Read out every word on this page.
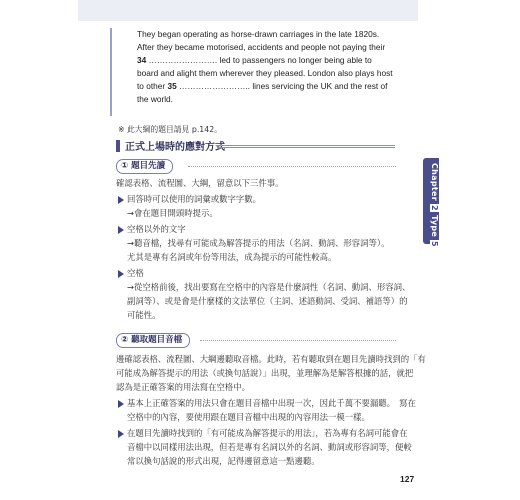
They began operating as horse-drawn carriages in the late 1820s.
After they became motorised, accidents and people not paying their
34 ……………………. led to passengers no longer being able to
board and alight them wherever they pleased. London also plays host
to other 35 …………………….. lines servicing the UK and the rest of
the world.
※ 此大綱的題目請見 p.142。
正式上場時的應對方式
① 題目先讀
確認表格、流程圖、大綱，留意以下三件事。
回答時可以使用的詞彙或數字字數。
→會在題目開頭時提示。
空格以外的文字
→聽音檔，找尋有可能成為解答提示的用法（名詞、動詞、形容詞等）。
尤其是專有名詞或年份等用法，成為提示的可能性較高。
空格
→從空格前後，找出要寫在空格中的內容是什麼詞性（名詞、動詞、形容詞、
副詞等）、或是會是什麼樣的文法單位（主詞、述語動詞、受詞、補語等）的
可能性。
② 聽取題目音檔
邊確認表格、流程圖、大綱邊聽取音檔。此時，若有聽取到在題目先讀時找到的「有
可能成為解答提示的用法（或換句話說）」出現，並理解為是解答根據的話，就把
認為是正確答案的用法寫在空格中。
基本上正確答案的用法只會在題目音檔中出現一次，因此千萬不要漏聽。　寫在
空格中的內容，要使用跟在題目音檔中出現的內容用法一模一樣。
在題目先讀時找到的「有可能成為解答提示的用法」，若為專有名詞可能會在
音檔中以同樣用法出現，但若是專有名詞以外的名詞、動詞或形容詞等，便較
常以換句話說的形式出現，記得邊留意這一點邊聽。
Chapter 2 Type 5
127
